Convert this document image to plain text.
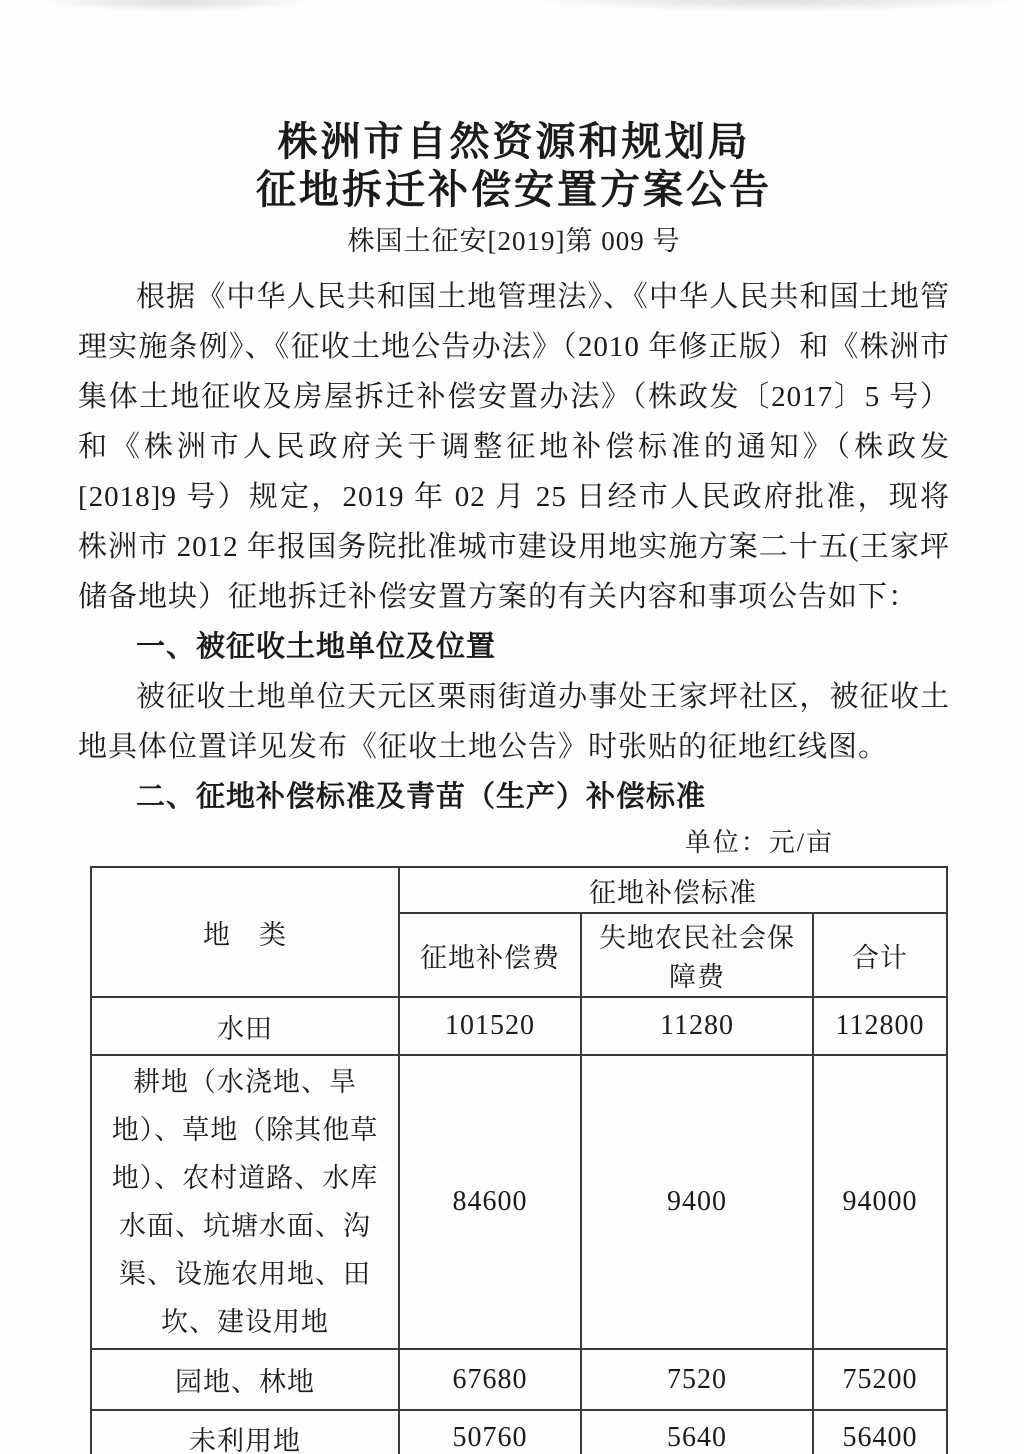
株洲市自然资源和规划局
征地拆迁补偿安置方案公告
株国土征安[2019]第 009 号

根据《中华人民共和国土地管理法》、《中华人民共和国土地管理实施条例》、《征收土地公告办法》（2010 年修正版）和《株洲市集体土地征收及房屋拆迁补偿安置办法》（株政发〔2017〕5 号）和《株洲市人民政府关于调整征地补偿标准的通知》（株政发[2018]9 号）规定，2019 年 02 月 25 日经市人民政府批准，现将株洲市 2012 年报国务院批准城市建设用地实施方案二十五(王家坪储备地块）征地拆迁补偿安置方案的有关内容和事项公告如下：

一、被征收土地单位及位置

被征收土地单位天元区栗雨街道办事处王家坪社区，被征收土地具体位置详见发布《征收土地公告》时张贴的征地红线图。

二、征地补偿标准及青苗（生产）补偿标准

单位：元/亩
地　类	征地补偿标准		
	征地补偿费	失地农民社会保障费	合计
水田	101520	11280	112800
耕地（水浇地、旱地）、草地（除其他草地）、农村道路、水库水面、坑塘水面、沟渠、设施农用地、田坎、建设用地	84600	9400	94000
园地、林地	67680	7520	75200
未利用地	50760	5640	56400
